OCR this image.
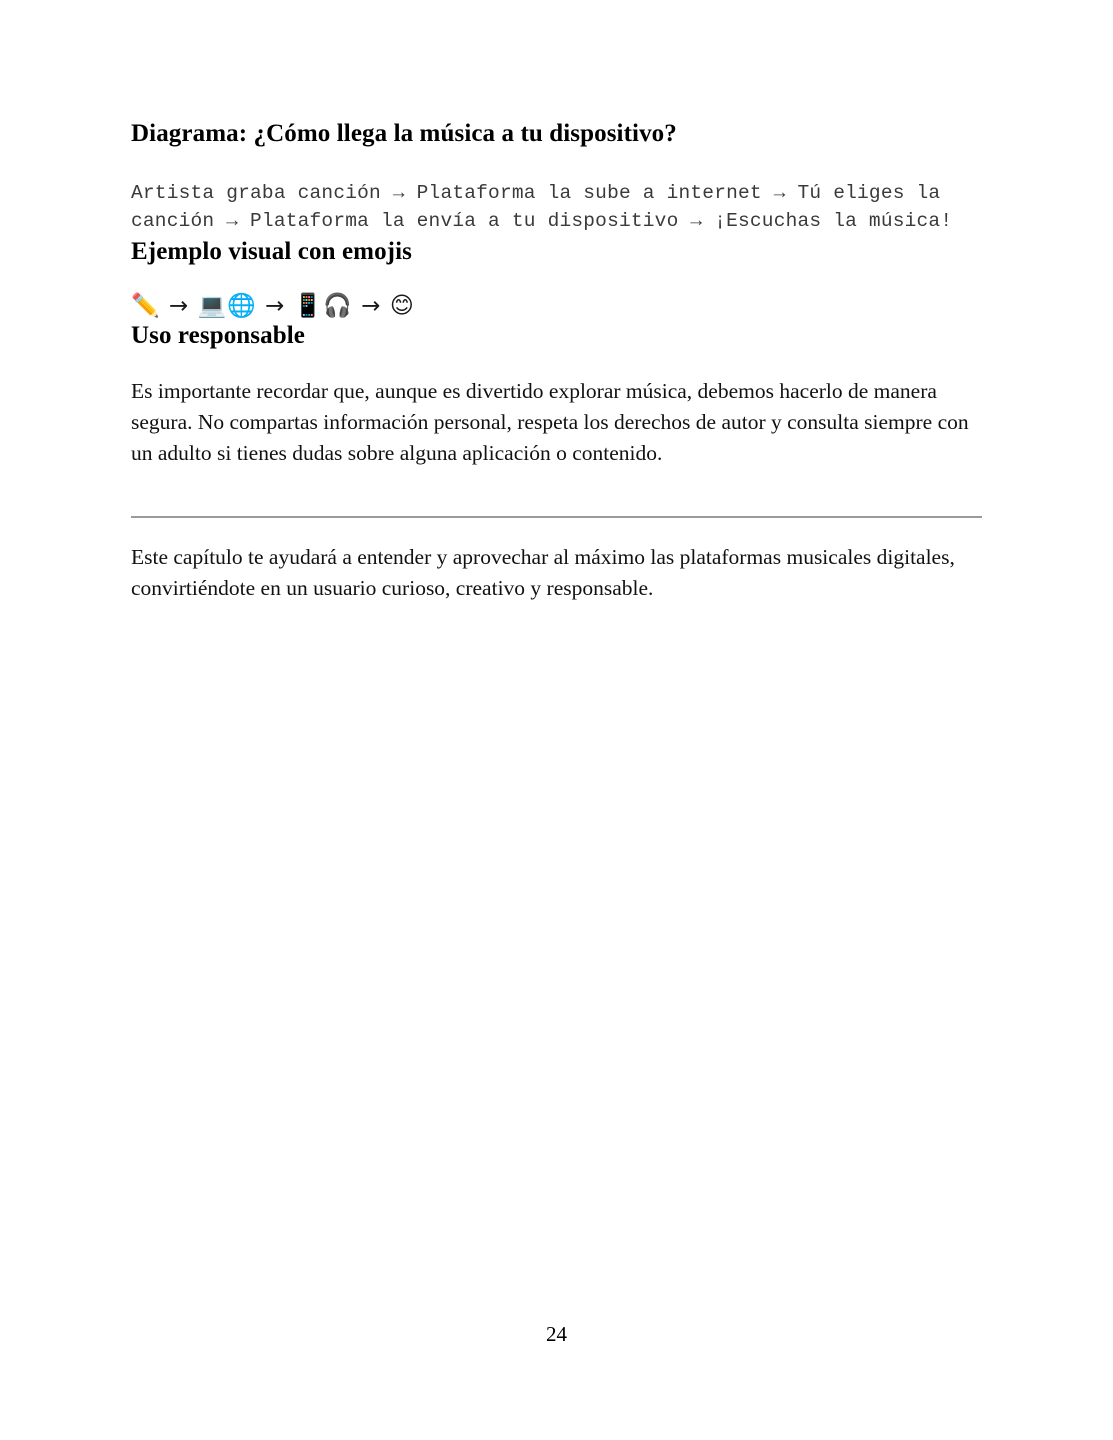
Diagrama: ¿Cómo llega la música a tu dispositivo?
Artista graba canción → Plataforma la sube a internet → Tú eliges la canción → Plataforma la envía a tu dispositivo → ¡Escuchas la música!
Ejemplo visual con emojis
✏️ → 💻🌐 → 📱🎧 → 😊
Uso responsable

Es importante recordar que, aunque es divertido explorar música, debemos hacerlo de manera segura. No compartas información personal, respeta los derechos de autor y consulta siempre con un adulto si tienes dudas sobre alguna aplicación o contenido.

Este capítulo te ayudará a entender y aprovechar al máximo las plataformas musicales digitales, convirtiéndote en un usuario curioso, creativo y responsable.

24
